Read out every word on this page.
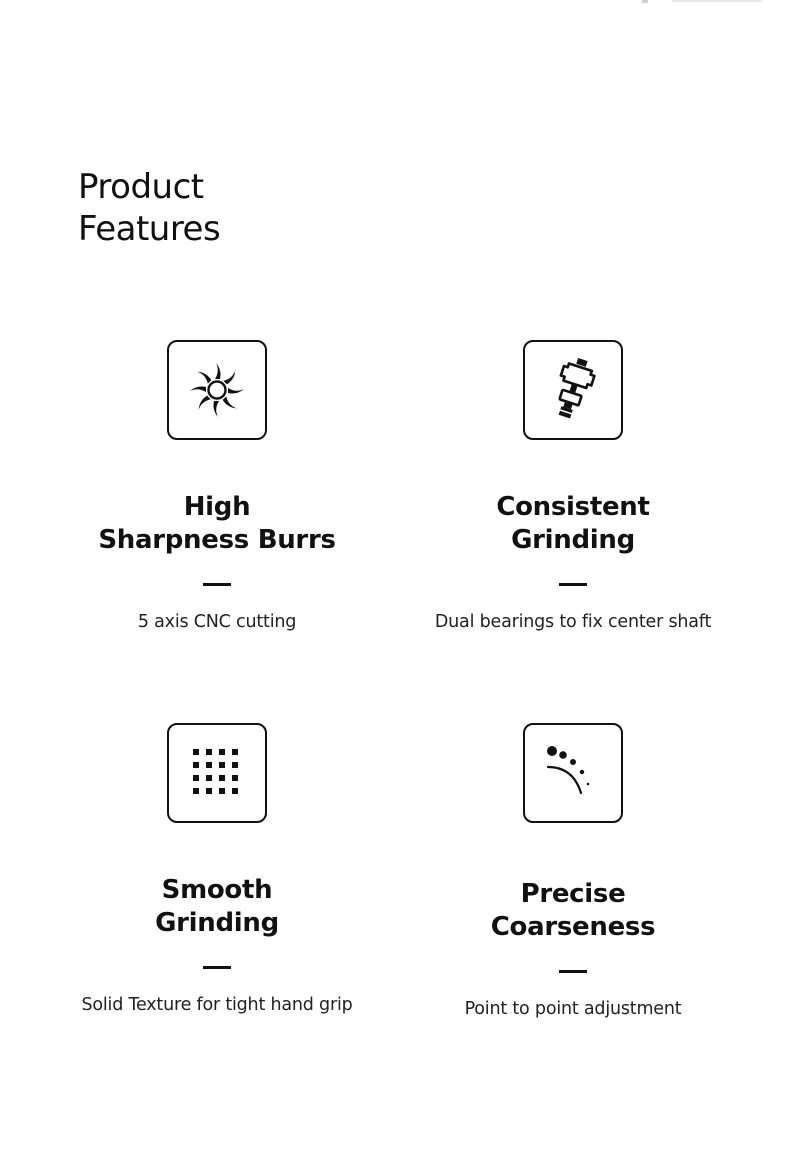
Product
Features
High
Sharpness Burrs

5 axis CNC cutting

Consistent
Grinding

Dual bearings to fix center shaft

Smooth
Grinding

Solid Texture for tight hand grip

Precise
Coarseness

Point to point adjustment
